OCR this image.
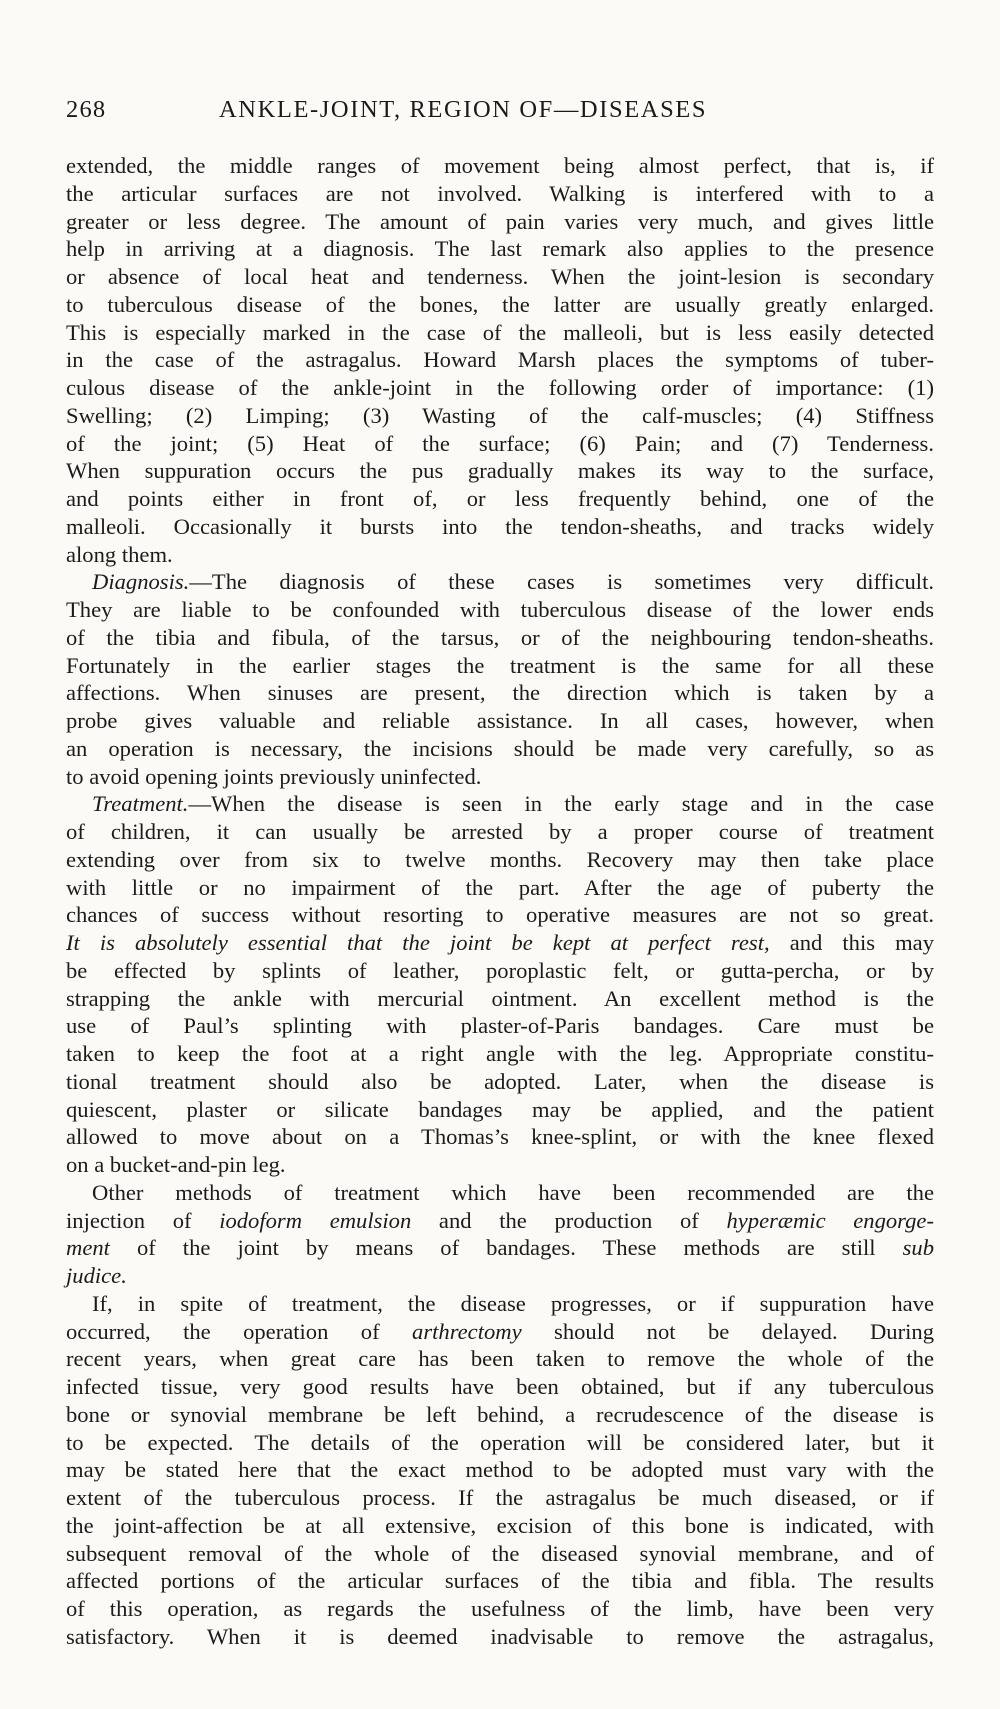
268	ANKLE-JOINT, REGION OF—DISEASES
extended, the middle ranges of movement being almost perfect, that is, if
the articular surfaces are not involved. Walking is interfered with to a
greater or less degree. The amount of pain varies very much, and gives little
help in arriving at a diagnosis. The last remark also applies to the presence
or absence of local heat and tenderness. When the joint-lesion is secondary
to tuberculous disease of the bones, the latter are usually greatly enlarged.
This is especially marked in the case of the malleoli, but is less easily detected
in the case of the astragalus. Howard Marsh places the symptoms of tuber-
culous disease of the ankle-joint in the following order of importance: (1)
Swelling; (2) Limping; (3) Wasting of the calf-muscles; (4) Stiffness
of the joint; (5) Heat of the surface; (6) Pain; and (7) Tenderness.
When suppuration occurs the pus gradually makes its way to the surface,
and points either in front of, or less frequently behind, one of the
malleoli. Occasionally it bursts into the tendon-sheaths, and tracks widely
along them.
Diagnosis.—The diagnosis of these cases is sometimes very difficult.
They are liable to be confounded with tuberculous disease of the lower ends
of the tibia and fibula, of the tarsus, or of the neighbouring tendon-sheaths.
Fortunately in the earlier stages the treatment is the same for all these
affections. When sinuses are present, the direction which is taken by a
probe gives valuable and reliable assistance. In all cases, however, when
an operation is necessary, the incisions should be made very carefully, so as
to avoid opening joints previously uninfected.
Treatment.—When the disease is seen in the early stage and in the case
of children, it can usually be arrested by a proper course of treatment
extending over from six to twelve months. Recovery may then take place
with little or no impairment of the part. After the age of puberty the
chances of success without resorting to operative measures are not so great.
It is absolutely essential that the joint be kept at perfect rest, and this may
be effected by splints of leather, poroplastic felt, or gutta-percha, or by
strapping the ankle with mercurial ointment. An excellent method is the
use of Paul’s splinting with plaster-of-Paris bandages. Care must be
taken to keep the foot at a right angle with the leg. Appropriate constitu-
tional treatment should also be adopted. Later, when the disease is
quiescent, plaster or silicate bandages may be applied, and the patient
allowed to move about on a Thomas’s knee-splint, or with the knee flexed
on a bucket-and-pin leg.
Other methods of treatment which have been recommended are the
injection of iodoform emulsion and the production of hyperæmic engorge-
ment of the joint by means of bandages. These methods are still sub
judice.
If, in spite of treatment, the disease progresses, or if suppuration have
occurred, the operation of arthrectomy should not be delayed. During
recent years, when great care has been taken to remove the whole of the
infected tissue, very good results have been obtained, but if any tuberculous
bone or synovial membrane be left behind, a recrudescence of the disease is
to be expected. The details of the operation will be considered later, but it
may be stated here that the exact method to be adopted must vary with the
extent of the tuberculous process. If the astragalus be much diseased, or if
the joint-affection be at all extensive, excision of this bone is indicated, with
subsequent removal of the whole of the diseased synovial membrane, and of
affected portions of the articular surfaces of the tibia and fibla. The results
of this operation, as regards the usefulness of the limb, have been very
satisfactory. When it is deemed inadvisable to remove the astragalus,
